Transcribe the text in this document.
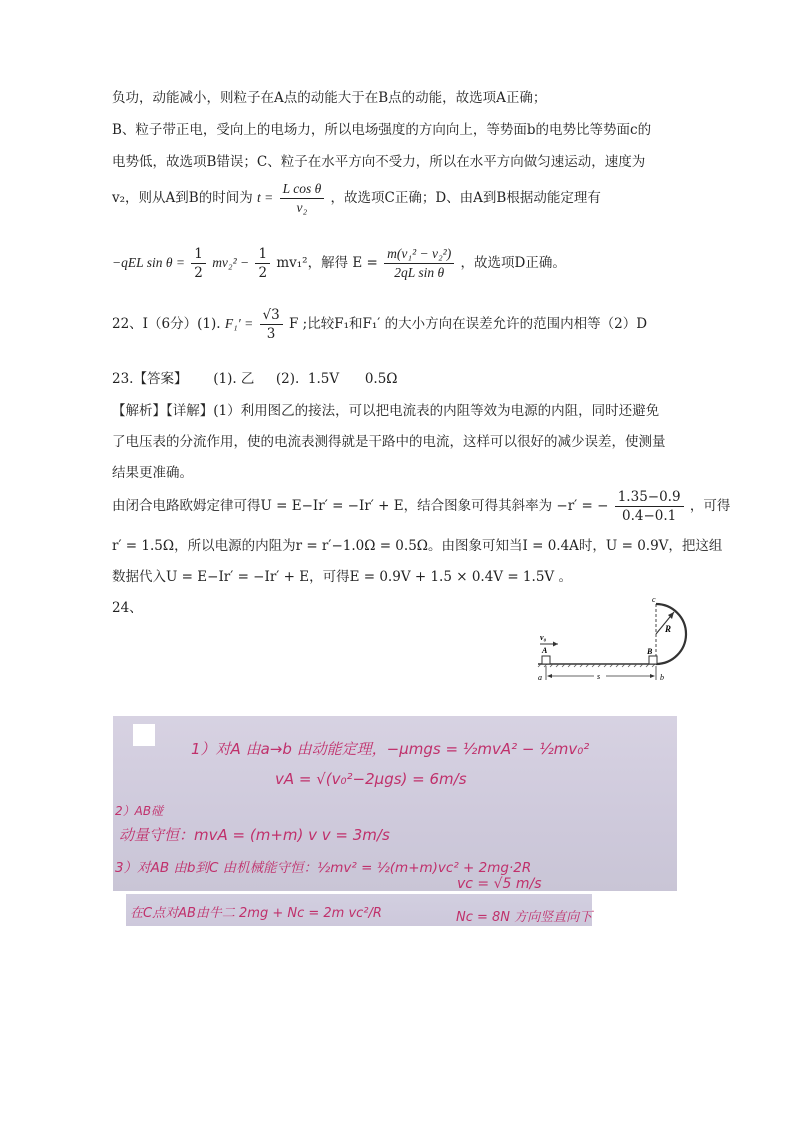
负功，动能减小，则粒子在A点的动能大于在B点的动能，故选项A正确；
B、粒子带正电，受向上的电场力，所以电场强度的方向向上，等势面b的电势比等势面c的
电势低，故选项B错误；C、粒子在水平方向不受力，所以在水平方向做匀速运动，速度为
v₂，则从A到B的时间为 $t = \frac{\text{L cos θ}}{\text{v₂}}$ ，故选项C正确；D、由A到B根据动能定理有
−qEL $\sin \theta = \frac{1}{2} mv_2^2 - \frac{1}{2} mv_1^2$，解得 $E = \frac{\text{m(v₁² − v₂²)}}{\text{2qL sin θ}}$ ，故选项D正确。
22、I（6分）(1). $F_1' = \frac{√3}{3}$ F ;比较F₁和F₁′ 的大小方向在误差允许的范围内相等（2）D
23.【答案】      (1). 乙     (2).  1.5V      0.5Ω
【解析】【详解】(1）利用图乙的接法，可以把电流表的内阻等效为电源的内阻，同时还避免
了电压表的分流作用，使的电流表测得就是干路中的电流，这样可以很好的减少误差，使测量
结果更准确。
由闭合电路欧姆定律可得U = E−Ir′ = −Ir′ + E，结合图象可得其斜率为 −r′ = − $\frac{1.35-0.9}{0.4-0.1}$ ，可得
r′ = 1.5Ω，所以电源的内阻为r = r′−1.0Ω = 0.5Ω。由图象可知当I = 0.4A时，U = 0.9V，把这组
数据代入U = E−Ir′ = −Ir′ + E，可得E = 0.9V + 1.5 × 0.4V = 1.5V 。
24、
c
R
A	B
v₀
a	s	b
1）对A 由a→b 由动能定理，−μmgs = ½mvA² − ½mv₀²
vA = √(v₀²−2μgs) = 6m/s
2）AB碰
动量守恒：mvA = (m+m) v v = 3m/s
3）对AB 由b到C 由机械能守恒：½mv² = ½(m+m)vc² + 2mg·2R
vc = √5 m/s
在C点对AB由牛二 2mg + Nc = 2m vc²/R	Nc = 8N 方向竖直向下
